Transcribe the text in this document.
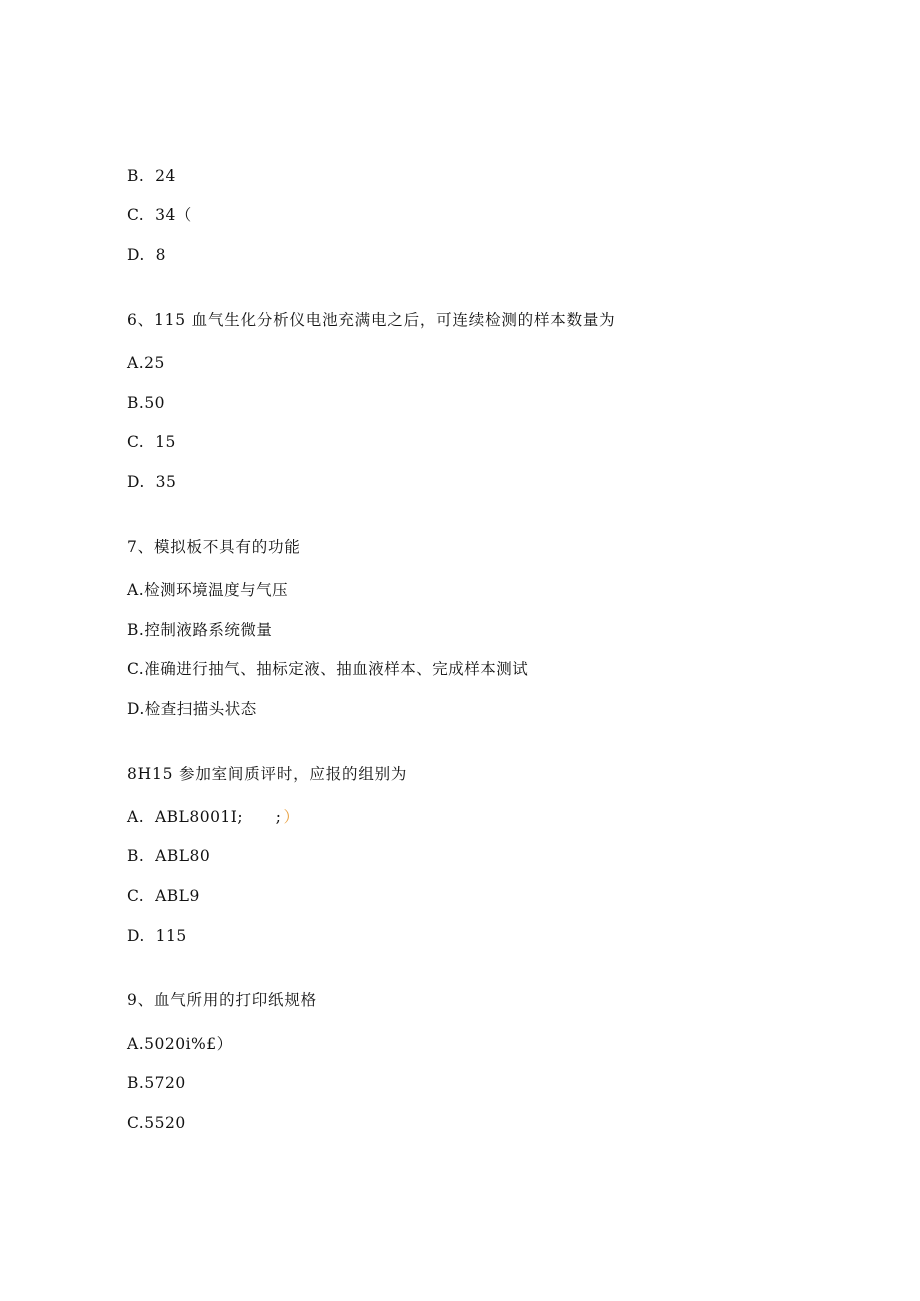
B.  24
C.  34（
D.  8
6、115 血气生化分析仪电池充满电之后，可连续检测的样本数量为
A.25
B.50
C.  15
D.  35
7、模拟板不具有的功能
A.检测环境温度与气压
B.控制液路系统微量
C.准确进行抽气、抽标定液、抽血液样本、完成样本测试
D.检查扫描头状态
8H15 参加室间质评时，应报的组别为
A.  ABL8001I;      ; ）
B.  ABL80
C.  ABL9
D.  115
9、血气所用的打印纸规格
A.5020i%£）
B.5720
C.5520
